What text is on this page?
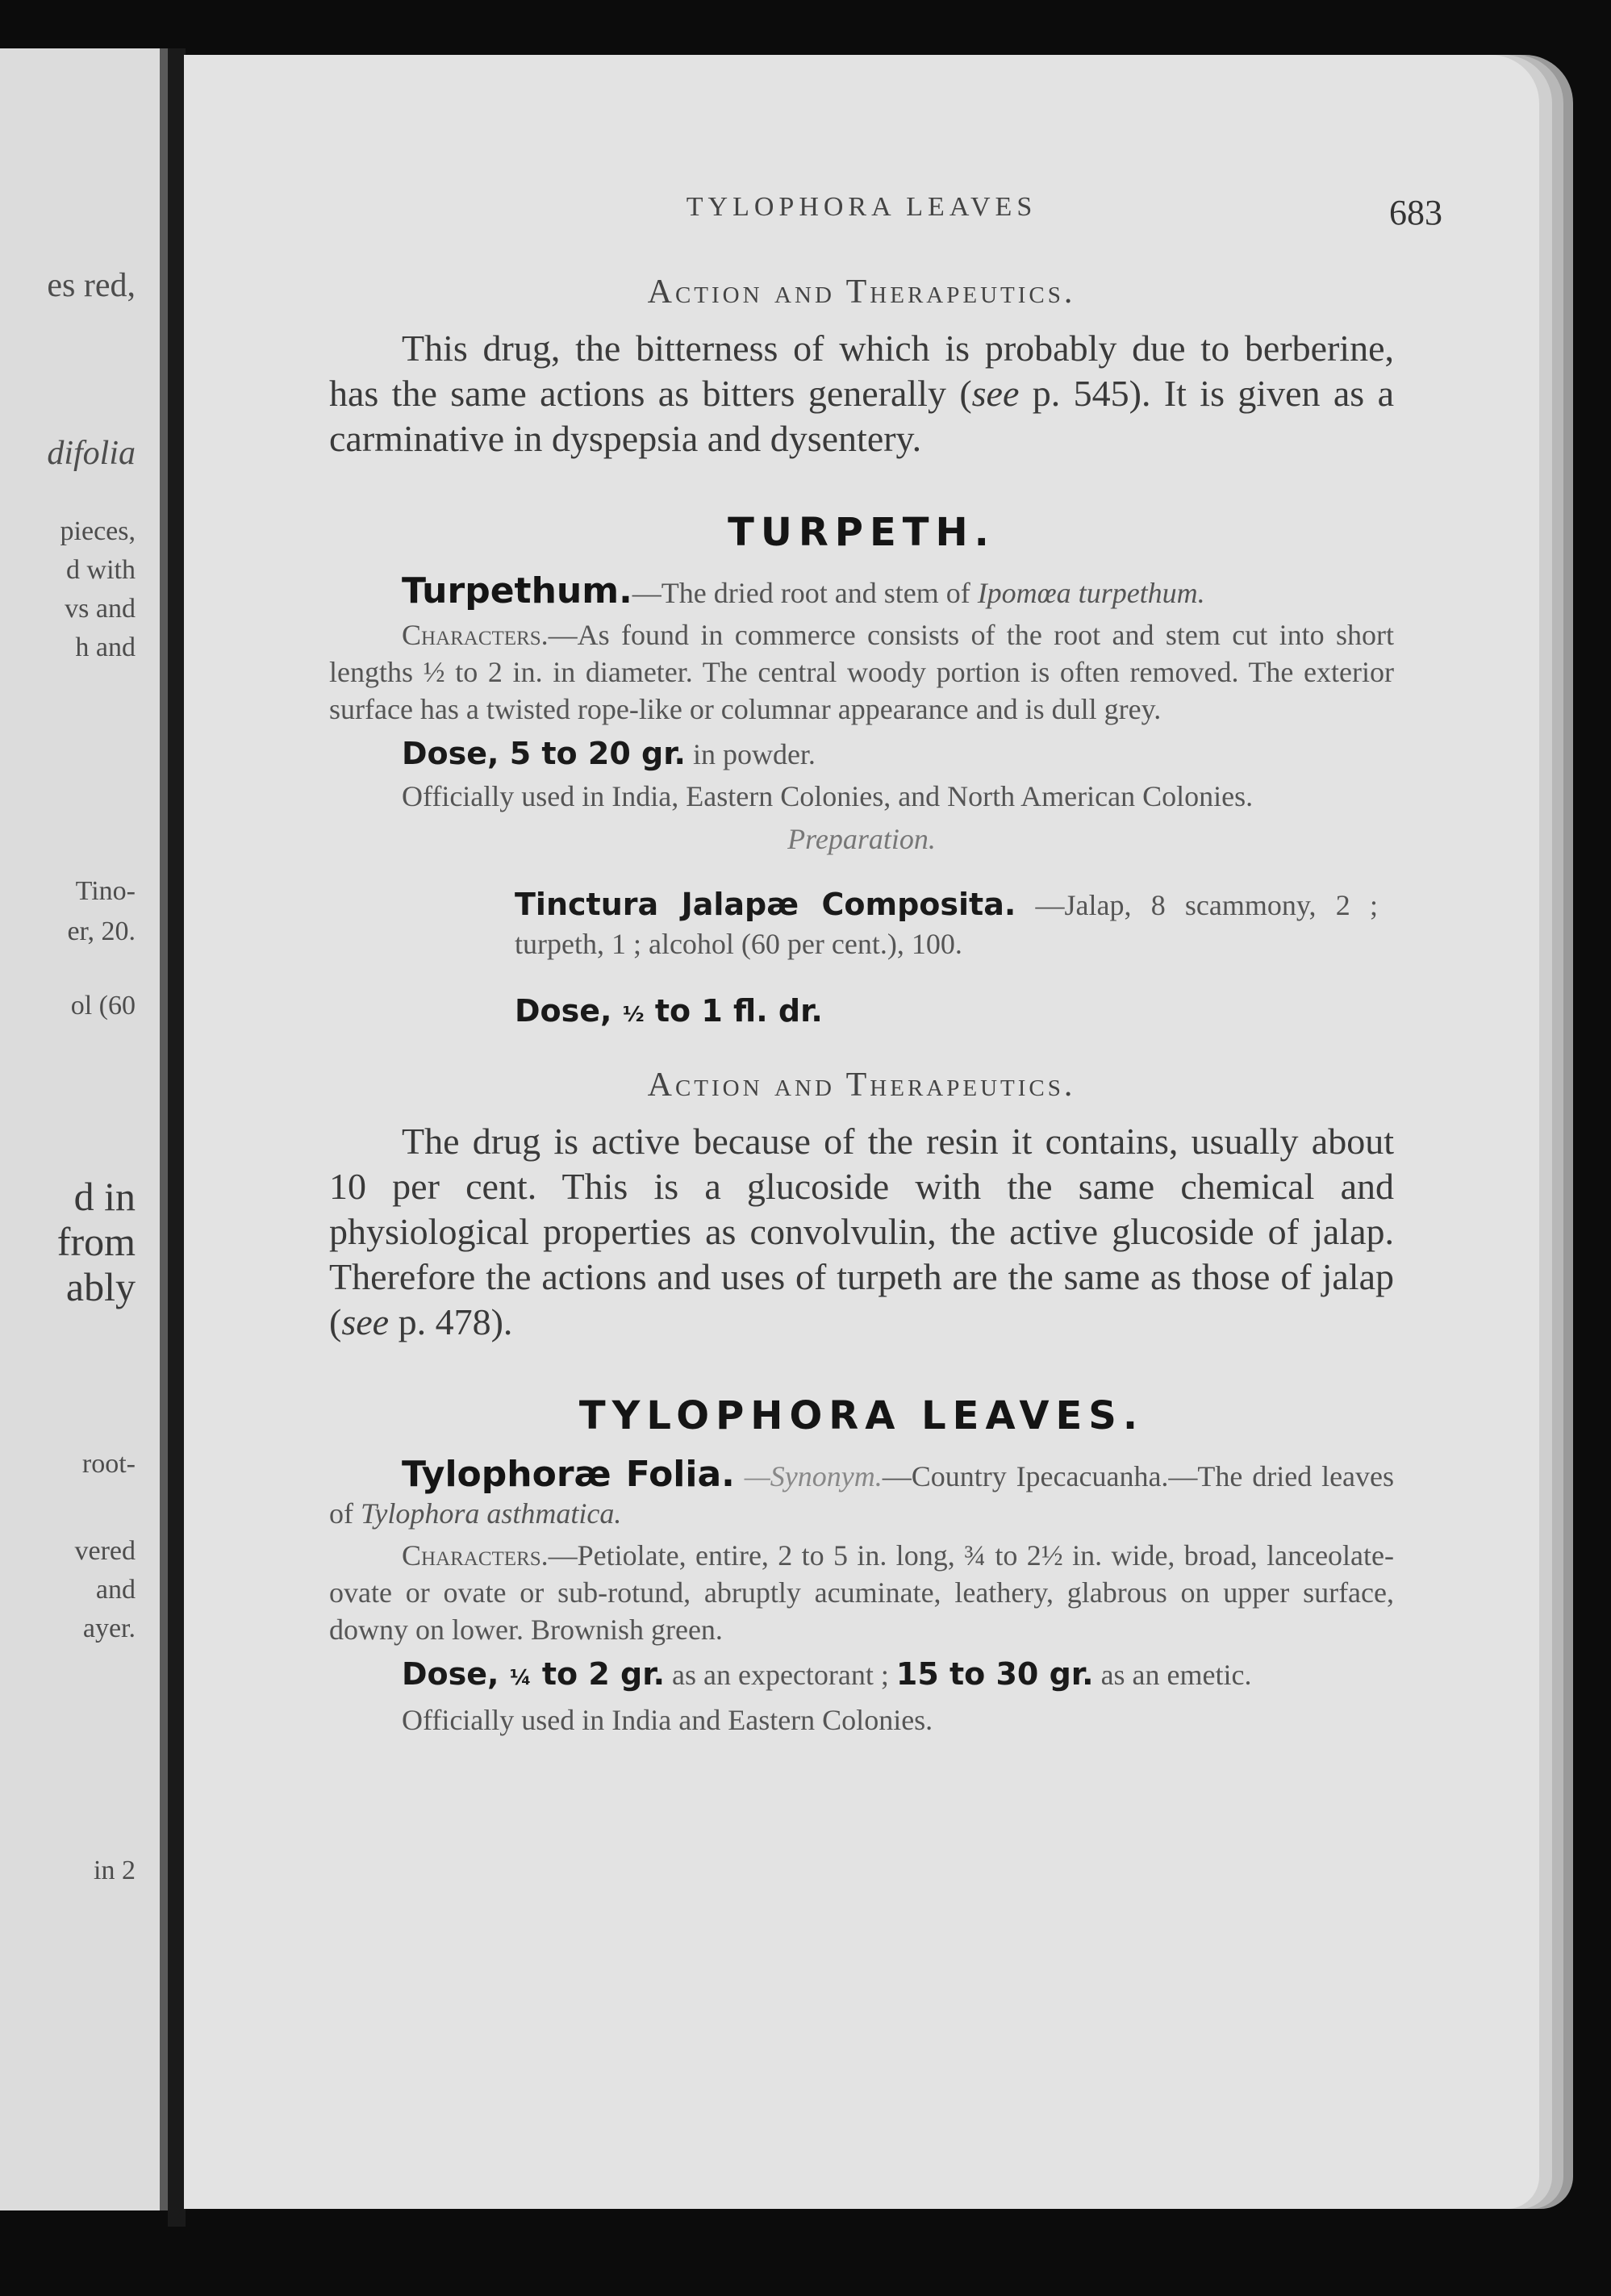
es red,
difolia
pieces,
d with
vs and
h and
Tino-
er, 20.
ol (60
d in
from
ably
root-
vered
and
ayer.
in 2
TYLOPHORA LEAVES	683
Action and Therapeutics.

This drug, the bitterness of which is probably due to berberine, has the same actions as bitters generally (see p. 545). It is given as a carminative in dyspepsia and dysentery.

TURPETH.

Turpethum.—The dried root and stem of Ipomœa turpethum.

Characters.—As found in commerce consists of the root and stem cut into short lengths ½ to 2 in. in diameter. The central woody portion is often removed. The exterior surface has a twisted rope-like or columnar appearance and is dull grey.

Dose, 5 to 20 gr. in powder.

Officially used in India, Eastern Colonies, and North American Colonies.

Preparation.

Tinctura Jalapæ Composita. —Jalap, 8 scammony, 2 ; turpeth, 1 ; alcohol (60 per cent.), 100.

Dose, ½ to 1 fl. dr.

Action and Therapeutics.

The drug is active because of the resin it contains, usually about 10 per cent. This is a glucoside with the same chemical and physiological properties as convolvulin, the active glucoside of jalap. Therefore the actions and uses of turpeth are the same as those of jalap (see p. 478).

TYLOPHORA LEAVES.

Tylophoræ Folia. —Synonym.—Country Ipecacuanha.—The dried leaves of Tylophora asthmatica.

Characters.—Petiolate, entire, 2 to 5 in. long, ¾ to 2½ in. wide, broad, lanceolate-ovate or ovate or sub-rotund, abruptly acuminate, leathery, glabrous on upper surface, downy on lower. Brownish green.

Dose, ¼ to 2 gr. as an expectorant ; 15 to 30 gr. as an emetic.

Officially used in India and Eastern Colonies.
